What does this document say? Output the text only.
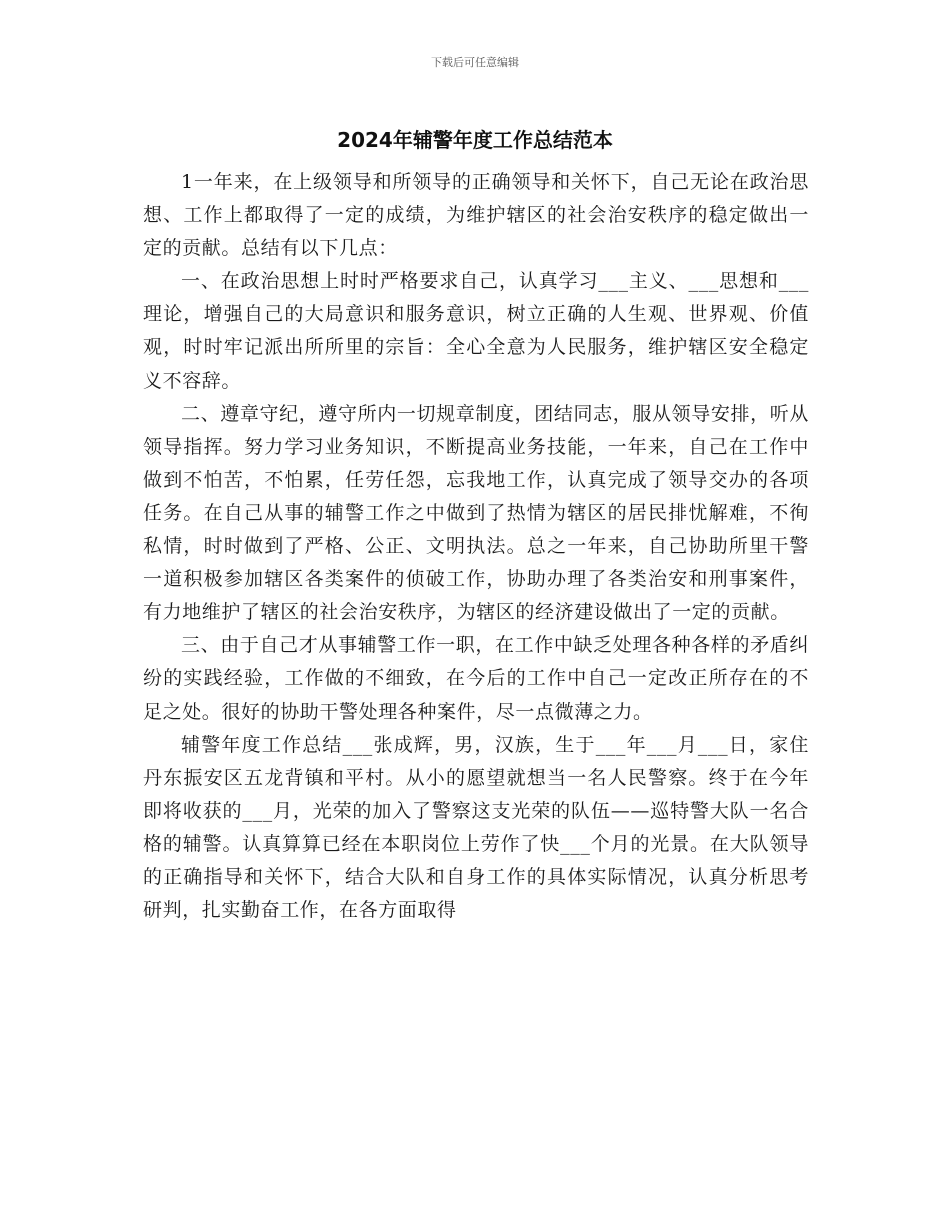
下载后可任意编辑
2024年辅警年度工作总结范本

1一年来，在上级领导和所领导的正确领导和关怀下，自己无论在政治思想、工作上都取得了一定的成绩，为维护辖区的社会治安秩序的稳定做出一定的贡献。总结有以下几点：

一、在政治思想上时时严格要求自己，认真学习___主义、___思想和___理论，增强自己的大局意识和服务意识，树立正确的人生观、世界观、价值观，时时牢记派出所所里的宗旨：全心全意为人民服务，维护辖区安全稳定义不容辞。

二、遵章守纪，遵守所内一切规章制度，团结同志，服从领导安排，听从领导指挥。努力学习业务知识，不断提高业务技能，一年来，自己在工作中做到不怕苦，不怕累，任劳任怨，忘我地工作，认真完成了领导交办的各项任务。在自己从事的辅警工作之中做到了热情为辖区的居民排忧解难，不徇私情，时时做到了严格、公正、文明执法。总之一年来，自己协助所里干警一道积极参加辖区各类案件的侦破工作，协助办理了各类治安和刑事案件，有力地维护了辖区的社会治安秩序，为辖区的经济建设做出了一定的贡献。

三、由于自己才从事辅警工作一职，在工作中缺乏处理各种各样的矛盾纠纷的实践经验，工作做的不细致，在今后的工作中自己一定改正所存在的不足之处。很好的协助干警处理各种案件，尽一点微薄之力。

辅警年度工作总结___张成辉，男，汉族，生于___年___月___日，家住丹东振安区五龙背镇和平村。从小的愿望就想当一名人民警察。终于在今年即将收获的___月，光荣的加入了警察这支光荣的队伍——巡特警大队一名合格的辅警。认真算算已经在本职岗位上劳作了快___个月的光景。在大队领导的正确指导和关怀下，结合大队和自身工作的具体实际情况，认真分析思考研判，扎实勤奋工作，在各方面取得
